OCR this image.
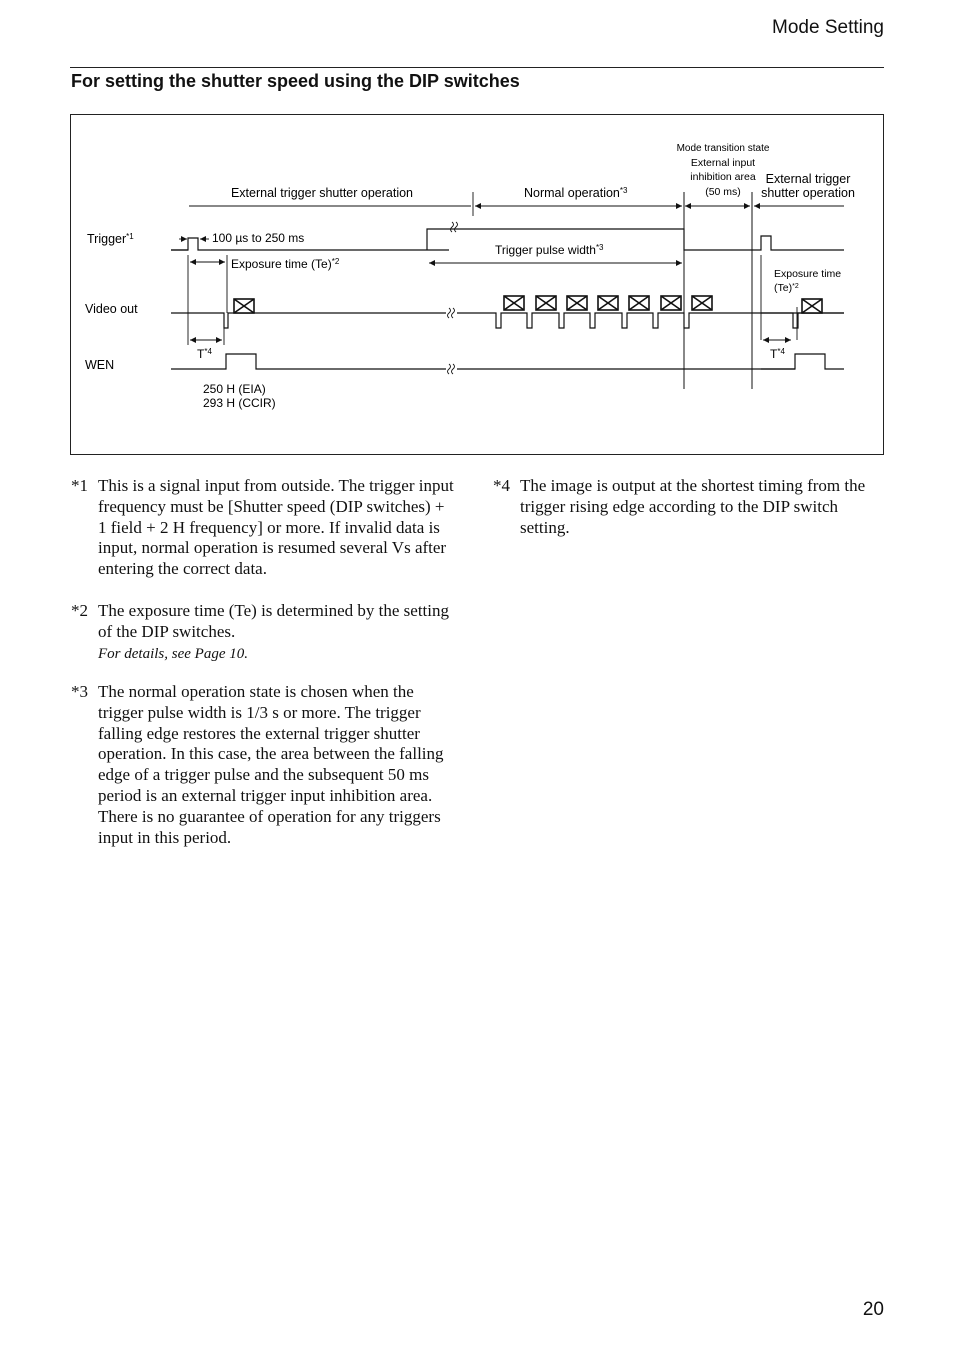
Mode Setting
For setting the shutter speed using the DIP switches
External trigger shutter operation	Normal operation$^{*3}$
Mode transition state
External input
inhibition area
(50 ms)
External trigger
shutter operation
Trigger$^{*1}$
Video out
WEN
100 µs to 250 ms
Exposure time $(Te)^{*2}$
Trigger pulse width$^{*3}$
Exposure time
$(Te)^{*2}$
$T^{*4}$	$T^{*4}$
250 H (EIA)
293 H (CCIR)
*1 This is a signal input from outside. The trigger input frequency must be [Shutter speed (DIP switches) + 1 field + 2 H frequency] or more. If invalid data is input, normal operation is resumed several Vs after entering the correct data.
*2 The exposure time (Te) is determined by the setting of the DIP switches.
For details, see Page 10.
*3 The normal operation state is chosen when the trigger pulse width is 1/3 s or more. The trigger falling edge restores the external trigger shutter operation. In this case, the area between the falling edge of a trigger pulse and the subsequent 50 ms period is an external trigger input inhibition area. There is no guarantee of operation for any triggers input in this period.
*4 The image is output at the shortest timing from the trigger rising edge according to the DIP switch setting.
20
